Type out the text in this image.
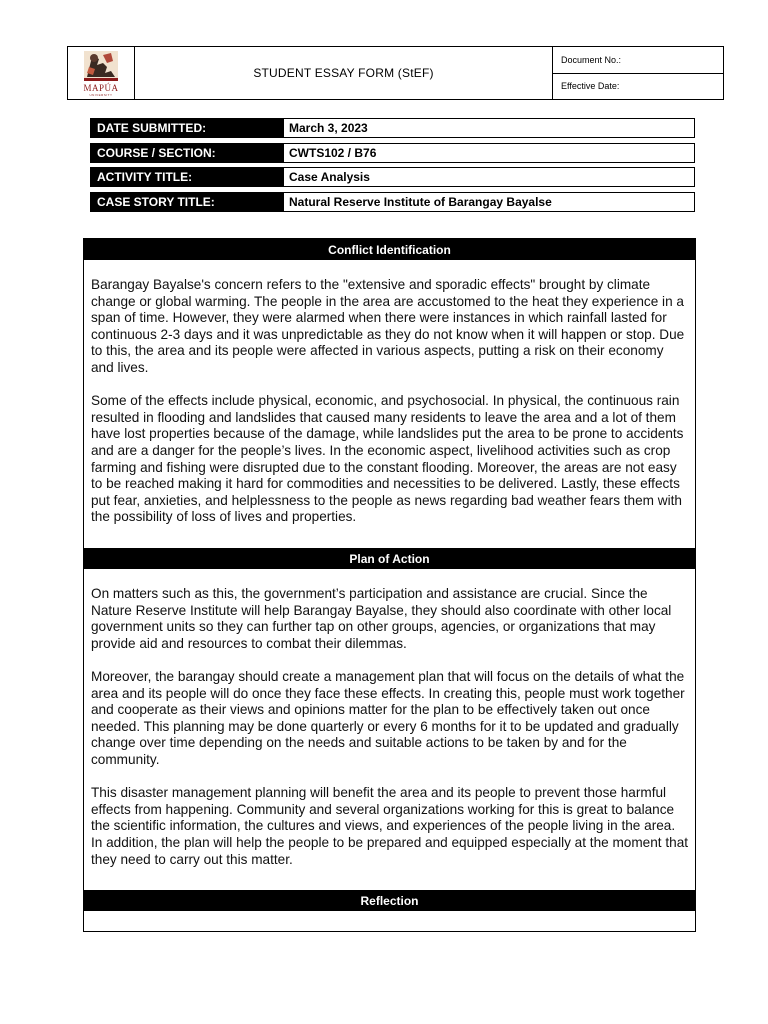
MAPÚA
UNIVERSITY
STUDENT ESSAY FORM (StEF)
Document No.:
Effective Date:
DATE SUBMITTED:	March 3, 2023
COURSE / SECTION:	CWTS102 / B76
ACTIVITY TITLE:	Case Analysis
CASE STORY TITLE:	Natural Reserve Institute of Barangay Bayalse
Conflict Identification

Barangay Bayalse's concern refers to the "extensive and sporadic effects" brought by climate change or global warming. The people in the area are accustomed to the heat they experience in a span of time. However, they were alarmed when there were instances in which rainfall lasted for continuous 2-3 days and it was unpredictable as they do not know when it will happen or stop. Due to this, the area and its people were affected in various aspects, putting a risk on their economy and lives.

Some of the effects include physical, economic, and psychosocial. In physical, the continuous rain resulted in flooding and landslides that caused many residents to leave the area and a lot of them have lost properties because of the damage, while landslides put the area to be prone to accidents and are a danger for the people’s lives. In the economic aspect, livelihood activities such as crop farming and fishing were disrupted due to the constant flooding. Moreover, the areas are not easy to be reached making it hard for commodities and necessities to be delivered. Lastly, these effects put fear, anxieties, and helplessness to the people as news regarding bad weather fears them with the possibility of loss of lives and properties.

Plan of Action

On matters such as this, the government’s participation and assistance are crucial. Since the Nature Reserve Institute will help Barangay Bayalse, they should also coordinate with other local government units so they can further tap on other groups, agencies, or organizations that may provide aid and resources to combat their dilemmas.

Moreover, the barangay should create a management plan that will focus on the details of what the area and its people will do once they face these effects. In creating this, people must work together and cooperate as their views and opinions matter for the plan to be effectively taken out once needed. This planning may be done quarterly or every 6 months for it to be updated and gradually change over time depending on the needs and suitable actions to be taken by and for the community.

This disaster management planning will benefit the area and its people to prevent those harmful effects from happening. Community and several organizations working for this is great to balance the scientific information, the cultures and views, and experiences of the people living in the area. In addition, the plan will help the people to be prepared and equipped especially at the moment that they need to carry out this matter.

Reflection
